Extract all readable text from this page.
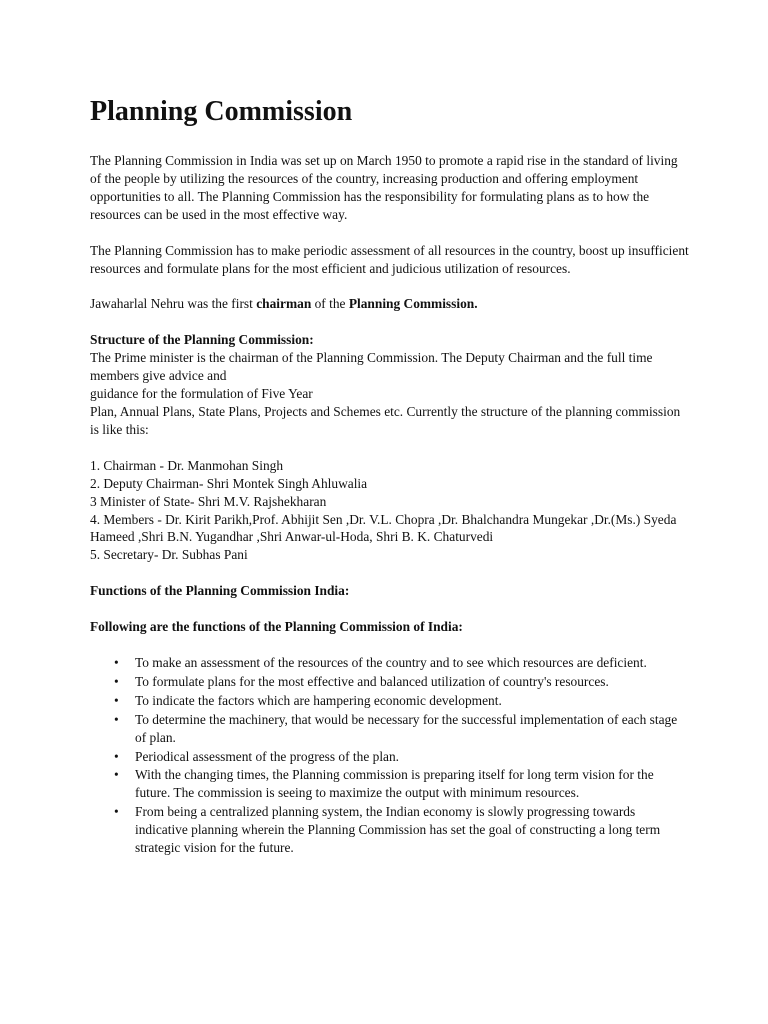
Planning Commission

The Planning Commission in India was set up on March 1950 to promote a rapid rise in the standard of living of the people by utilizing the resources of the country, increasing production and offering employment opportunities to all. The Planning Commission has the responsibility for formulating plans as to how the resources can be used in the most effective way.

The Planning Commission has to make periodic assessment of all resources in the country, boost up insufficient resources and formulate plans for the most efficient and judicious utilization of resources.

Jawaharlal Nehru was the first chairman of the Planning Commission.

Structure of the Planning Commission:
The Prime minister is the chairman of the Planning Commission. The Deputy Chairman and the full time members give advice and
guidance for the formulation of Five Year
Plan, Annual Plans, State Plans, Projects and Schemes etc. Currently the structure of the planning commission is like this:
1. Chairman - Dr. Manmohan Singh
2. Deputy Chairman- Shri Montek Singh Ahluwalia
3 Minister of State- Shri M.V. Rajshekharan
4. Members - Dr. Kirit Parikh,Prof. Abhijit Sen ,Dr. V.L. Chopra ,Dr. Bhalchandra Mungekar ,Dr.(Ms.) Syeda Hameed ,Shri B.N. Yugandhar ,Shri Anwar-ul-Hoda, Shri B. K. Chaturvedi
5. Secretary- Dr. Subhas Pani

Functions of the Planning Commission India:

Following are the functions of the Planning Commission of India:

• To make an assessment of the resources of the country and to see which resources are deficient.
• To formulate plans for the most effective and balanced utilization of country's resources.
• To indicate the factors which are hampering economic development.
• To determine the machinery, that would be necessary for the successful implementation of each stage of plan.
• Periodical assessment of the progress of the plan.
• With the changing times, the Planning commission is preparing itself for long term vision for the future. The commission is seeing to maximize the output with minimum resources.
• From being a centralized planning system, the Indian economy is slowly progressing towards indicative planning wherein the Planning Commission has set the goal of constructing a long term strategic vision for the future.
